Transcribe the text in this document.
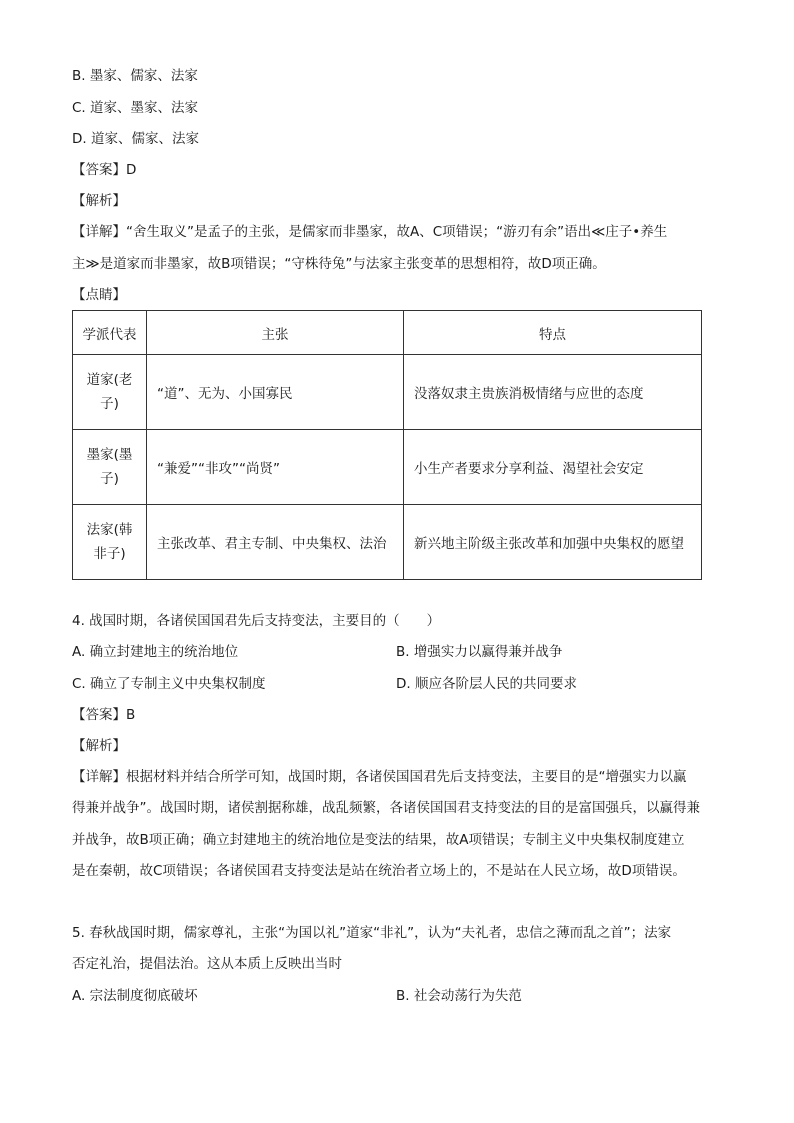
B. 墨家、儒家、法家
C. 道家、墨家、法家
D. 道家、儒家、法家
【答案】D
【解析】
【详解】“舍生取义”是孟子的主张，是儒家而非墨家，故A、C项错误；“游刃有余”语出≪庄子•养生
主≫是道家而非墨家，故B项错误；“守株待兔”与法家主张变革的思想相符，故D项正确。
【点睛】
学派代表	主张	特点
道家(老
子)	“道”、无为、小国寡民	没落奴隶主贵族消极情绪与应世的态度
墨家(墨
子)	“兼爱”“非攻”“尚贤”	小生产者要求分享利益、渴望社会安定
法家(韩
非子)	主张改革、君主专制、中央集权、法治	新兴地主阶级主张改革和加强中央集权的愿望
4. 战国时期，各诸侯国国君先后支持变法，主要目的（　　）
A. 确立封建地主的统治地位	B. 增强实力以赢得兼并战争
C. 确立了专制主义中央集权制度	D. 顺应各阶层人民的共同要求
【答案】B
【解析】
【详解】根据材料并结合所学可知，战国时期，各诸侯国国君先后支持变法，主要目的是“增强实力以赢
得兼并战争”。战国时期，诸侯割据称雄，战乱频繁，各诸侯国国君支持变法的目的是富国强兵，以赢得兼
并战争，故B项正确；确立封建地主的统治地位是变法的结果，故A项错误；专制主义中央集权制度建立
是在秦朝，故C项错误；各诸侯国君支持变法是站在统治者立场上的，不是站在人民立场，故D项错误。
5. 春秋战国时期，儒家尊礼，主张“为国以礼”道家“非礼”，认为“夫礼者，忠信之薄而乱之首”；法家
否定礼治，提倡法治。这从本质上反映出当时
A. 宗法制度彻底破坏	B. 社会动荡行为失范
